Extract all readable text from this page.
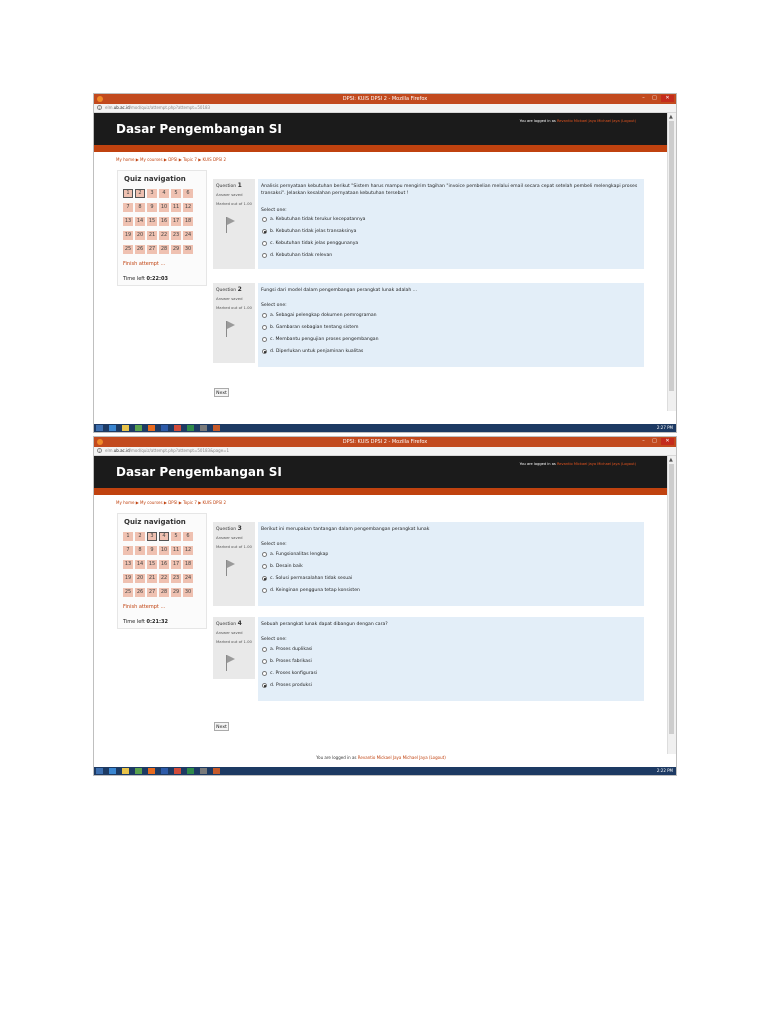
DPSI: KUIS DPSI 2 - Mozilla Firefox	–	□	✕
i	elm.ub.ac.id/mod/quiz/attempt.php?attempt=50183
Dasar Pengembangan SI
You are logged in as Revantio Mickael Jaya Michael Jaya (Logout)
▲
My home ▶ My courses ▶ DPSI ▶ Topic 7 ▶ KUIS DPSI 2
Quiz navigation
1	2	3	4	5	6
7	8	9	10	11	12
13	14	15	16	17	18
19	20	21	22	23	24
25	26	27	28	29	30
Finish attempt ...
Time left 0:22:03
Question 1
Answer saved
Marked out of 1.00
Analisis pernyataan kebutuhan berikut "Sistem harus mampu mengirim tagihan "invoice pembelian melalui email secara cepat setelah pembeli melengkapi proses transaksi". Jelaskan kesalahan pernyataan kebutuhan tersebut !
Select one:
a. Kebutuhan tidak terukur kecepatannya
b. Kebutuhan tidak jelas transaksinya
c. Kebutuhan tidak jelas penggunanya
d. Kebutuhan tidak relevan
Question 2
Answer saved
Marked out of 1.00
Fungsi dari model dalam pengembangan perangkat lunak adalah ...
Select one:
a. Sebagai pelengkap dokumen pemrograman
b. Gambaran sebagian tentang sistem
c. Membantu pengujian proses pengembangan
d. Diperlukan untuk penjaminan kualitas
Next
2:27 PM
DPSI: KUIS DPSI 2 - Mozilla Firefox	–	□	✕
i	elm.ub.ac.id/mod/quiz/attempt.php?attempt=50183&page=1
Dasar Pengembangan SI
You are logged in as Revantio Mickael Jaya Michael Jaya (Logout)
▲
My home ▶ My courses ▶ DPSI ▶ Topic 7 ▶ KUIS DPSI 2
Quiz navigation
1	2	3	4	5	6
7	8	9	10	11	12
13	14	15	16	17	18
19	20	21	22	23	24
25	26	27	28	29	30
Finish attempt ...
Time left 0:21:32
Question 3
Answer saved
Marked out of 1.00
Berikut ini merupakan tantangan dalam pengembangan perangkat lunak
Select one:
a. Fungsionalitas lengkap
b. Desain baik
c. Solusi permasalahan tidak sesuai
d. Keinginan pengguna tetap konsisten
Question 4
Answer saved
Marked out of 1.00
Sebuah perangkat lunak dapat dibangun dengan cara?
Select one:
a. Proses duplikasi
b. Proses fabrikasi
c. Proses konfigurasi
d. Proses produksi
Next
You are logged in as Revantio Mickael Jaya Michael Jaya (Logout)
2:22 PM
